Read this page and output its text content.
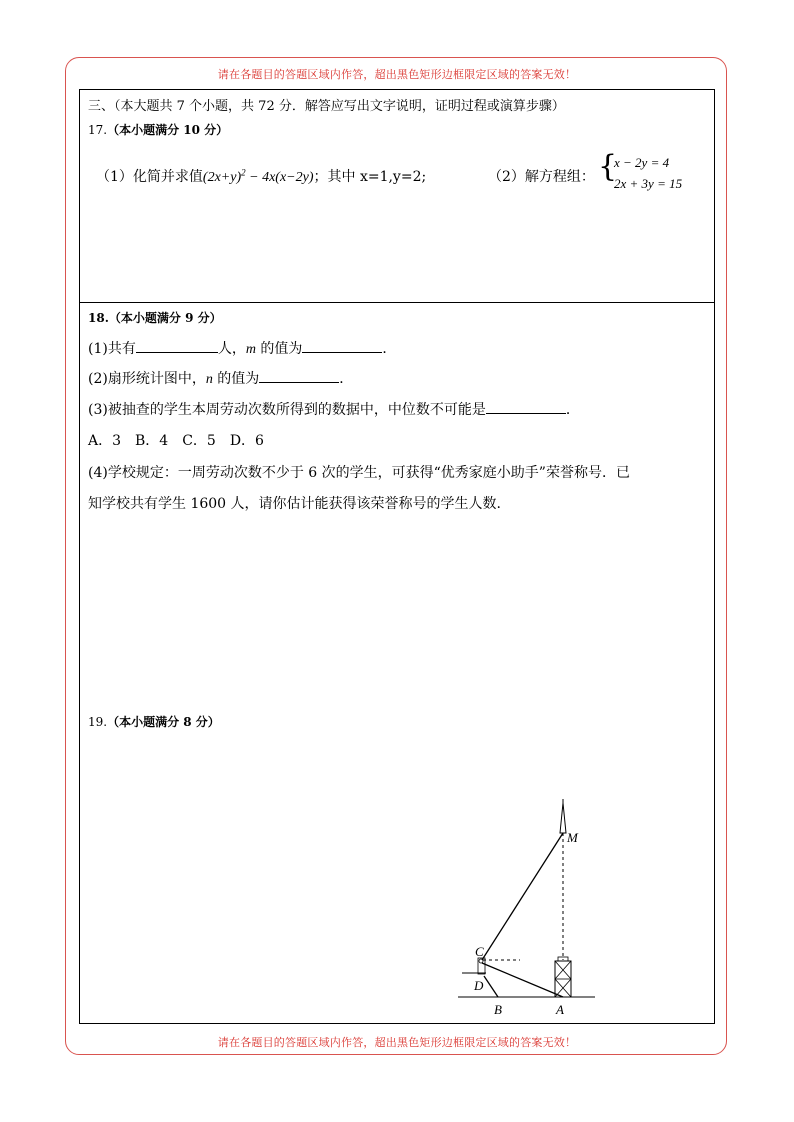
请在各题目的答题区域内作答，超出黑色矩形边框限定区域的答案无效！
请在各题目的答题区域内作答，超出黑色矩形边框限定区域的答案无效！
三、（本大题共 7 个小题，共 72 分．解答应写出文字说明，证明过程或演算步骤）
17.（本小题满分 10 分）
（1）化简并求值$(2x+y)^2 - 4x(x-2y)$；其中 x=1,y=2;	（2）解方程组： {
x − 2y = 4
2x + 3y = 15
18.（本小题满分 9 分）
(1)共有	人，m 的值为	．
(2)扇形统计图中，n 的值为	．
(3)被抽查的学生本周劳动次数所得到的数据中，中位数不可能是	．
A．3　B．4　C．5　D．6
(4)学校规定：一周劳动次数不少于 6 次的学生，可获得“优秀家庭小助手”荣誉称号．已
知学校共有学生 1600 人，请你估计能获得该荣誉称号的学生人数.
19.（本小题满分 8 分）
M
C
D
B	A
